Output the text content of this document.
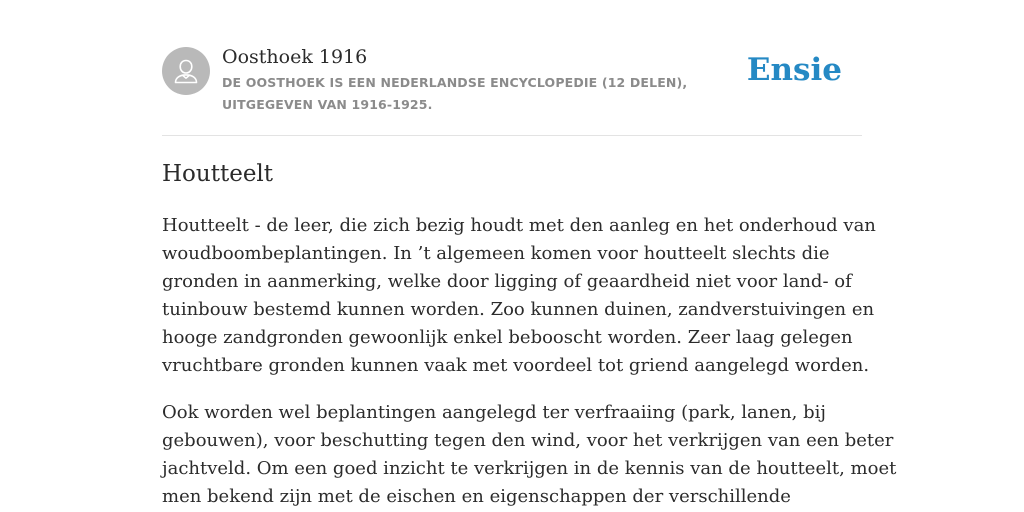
Oosthoek 1916
DE OOSTHOEK IS EEN NEDERLANDSE ENCYCLOPEDIE (12 DELEN), UITGEGEVEN VAN 1916-1925.
Ensie
Houtteelt

Houtteelt - de leer, die zich bezig houdt met den aanleg en het onderhoud van
woudboombeplantingen. In ’t algemeen komen voor houtteelt slechts die
gronden in aanmerking, welke door ligging of geaardheid niet voor land- of
tuinbouw bestemd kunnen worden. Zoo kunnen duinen, zandverstuivingen en
hooge zandgronden gewoonlijk enkel bebooscht worden. Zeer laag gelegen
vruchtbare gronden kunnen vaak met voordeel tot griend aangelegd worden.

Ook worden wel beplantingen aangelegd ter verfraaiing (park, lanen, bij
gebouwen), voor beschutting tegen den wind, voor het verkrijgen van een beter
jachtveld. Om een goed inzicht te verkrijgen in de kennis van de houtteelt, moet
men bekend zijn met de eischen en eigenschappen der verschillende
